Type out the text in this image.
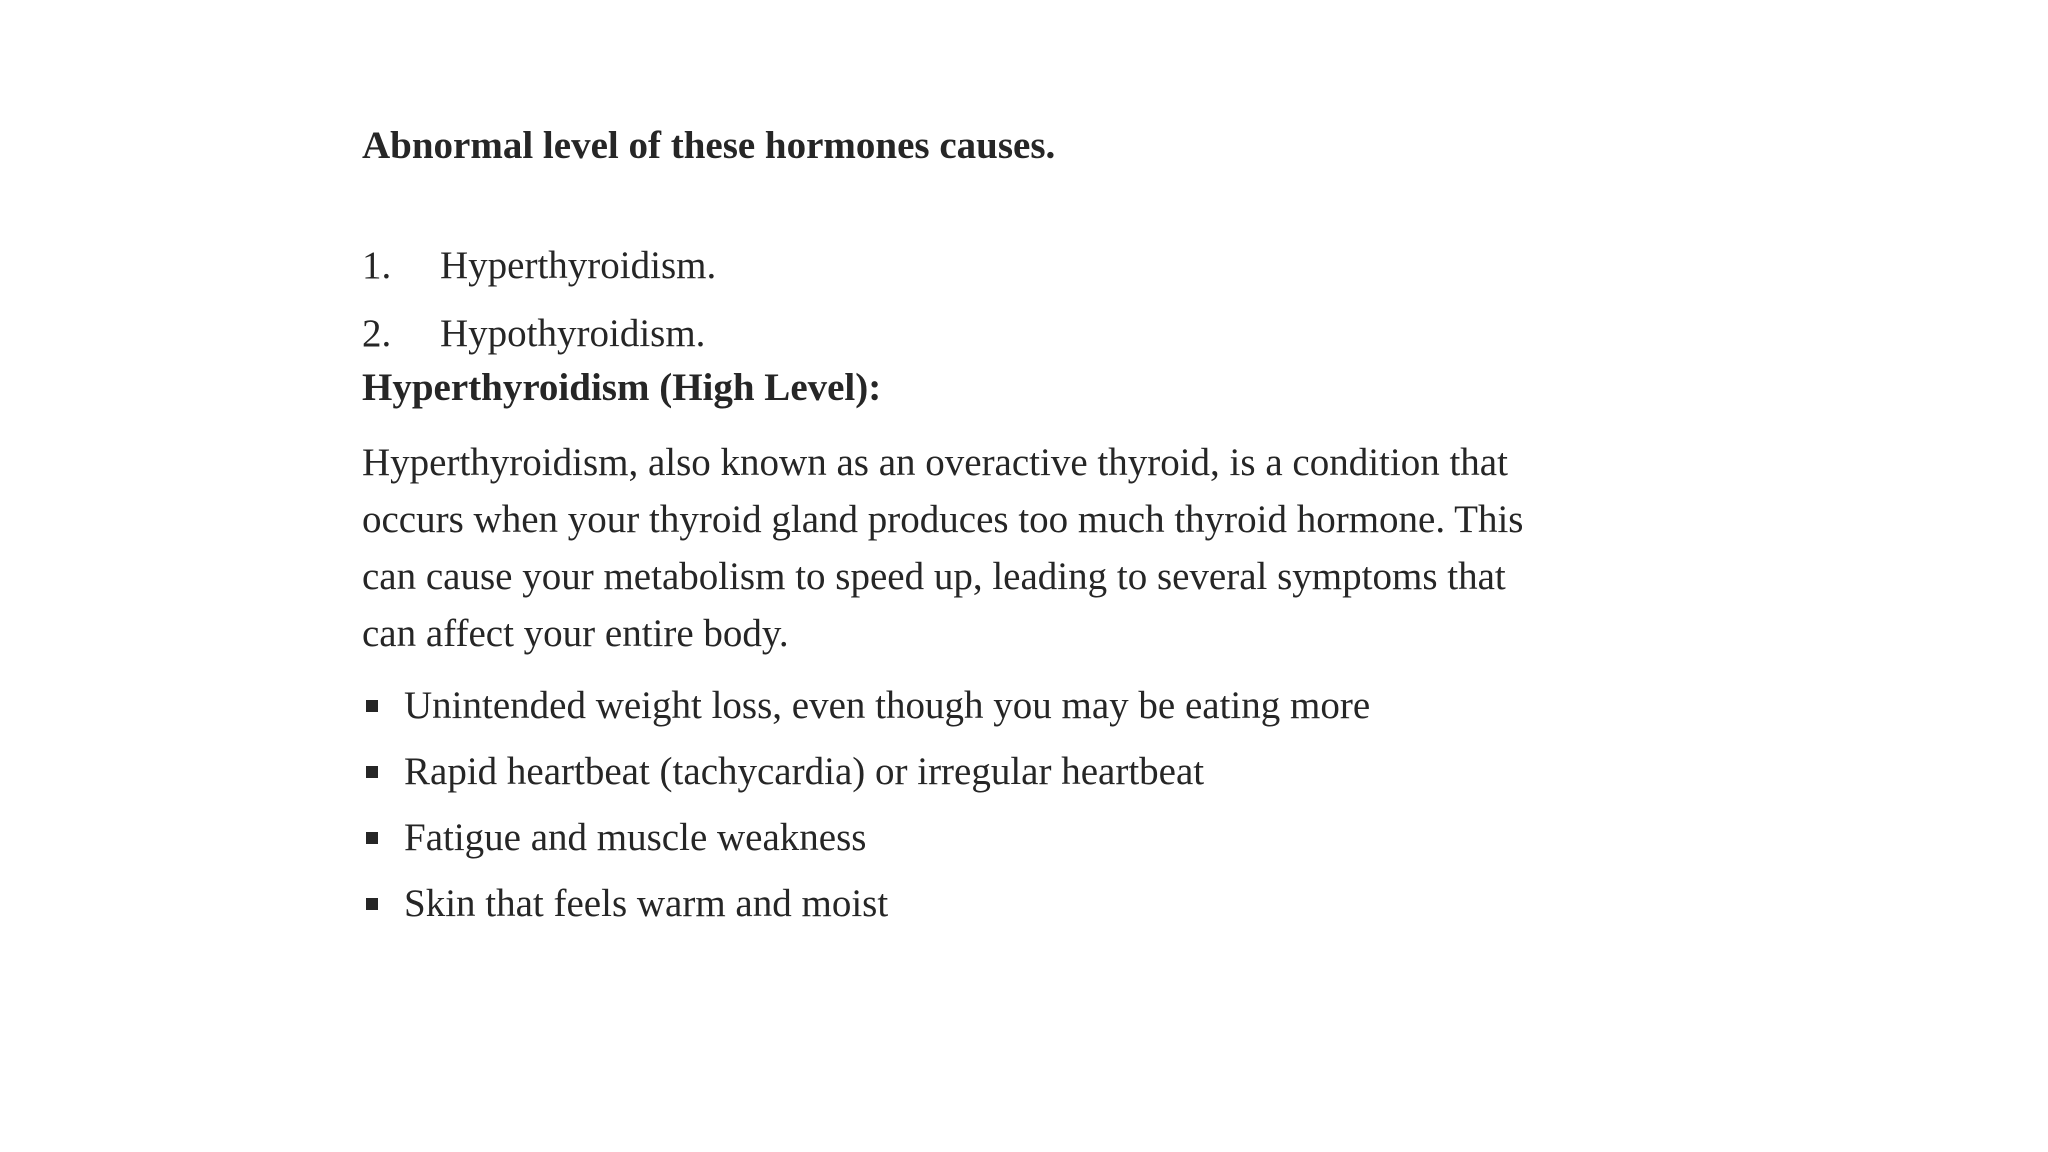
Abnormal level of these hormones causes.
1.	Hyperthyroidism.
2.	Hypothyroidism.
Hyperthyroidism (High Level):

Hyperthyroidism, also known as an overactive thyroid, is a condition that occurs when your thyroid gland produces too much thyroid hormone. This can cause your metabolism to speed up, leading to several symptoms that can affect your entire body.

Unintended weight loss, even though you may be eating more
Rapid heartbeat (tachycardia) or irregular heartbeat
Fatigue and muscle weakness
Skin that feels warm and moist
